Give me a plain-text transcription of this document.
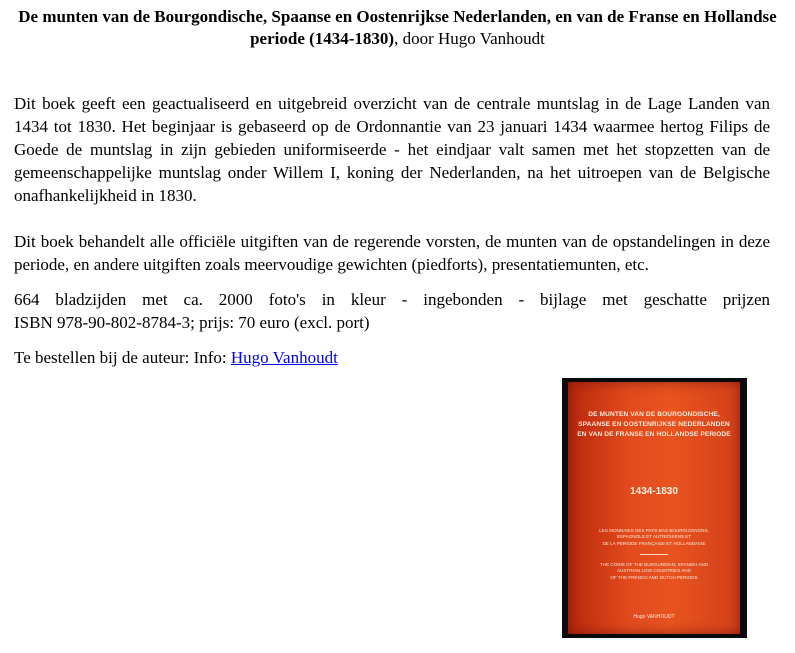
De munten van de Bourgondische, Spaanse en Oostenrijkse Nederlanden, en van de Franse en Hollandse periode (1434-1830), door Hugo Vanhoudt

Dit boek geeft een geactualiseerd en uitgebreid overzicht van de centrale muntslag in de Lage Landen van 1434 tot 1830. Het beginjaar is gebaseerd op de Ordonnantie van 23 januari 1434 waarmee hertog Filips de Goede de muntslag in zijn gebieden uniformiseerde - het eindjaar valt samen met het stopzetten van de gemeenschappelijke muntslag onder Willem I, koning der Nederlanden, na het uitroepen van de Belgische onafhankelijkheid in 1830.

Dit boek behandelt alle officiële uitgiften van de regerende vorsten, de munten van de opstandelingen in deze periode, en andere uitgiften zoals meervoudige gewichten (piedforts), presentatiemunten, etc.

664 bladzijden met ca. 2000 foto's in kleur - ingebonden - bijlage met geschatte prijzen
ISBN 978-90-802-8784-3; prijs: 70 euro (excl. port)

Te bestellen bij de auteur: Info: Hugo Vanhoudt

DE MUNTEN VAN DE BOURGONDISCHE,
SPAANSE EN OOSTENRIJKSE NEDERLANDEN
EN VAN DE FRANSE EN HOLLANDSE PERIODE
1434-1830
LES MONNAIES DES PAYS-BAS BOURGUIGNONS,
ESPAGNOLS ET AUTRICHIENS ET
DE LA PERIODE FRANÇAISE ET HOLLANDAISE
THE COINS OF THE BURGUNDIAN, SPANISH AND
AUSTRIAN LOW COUNTRIES AND
OF THE FRENCH AND DUTCH PERIODS
Hugo VANHOUDT
